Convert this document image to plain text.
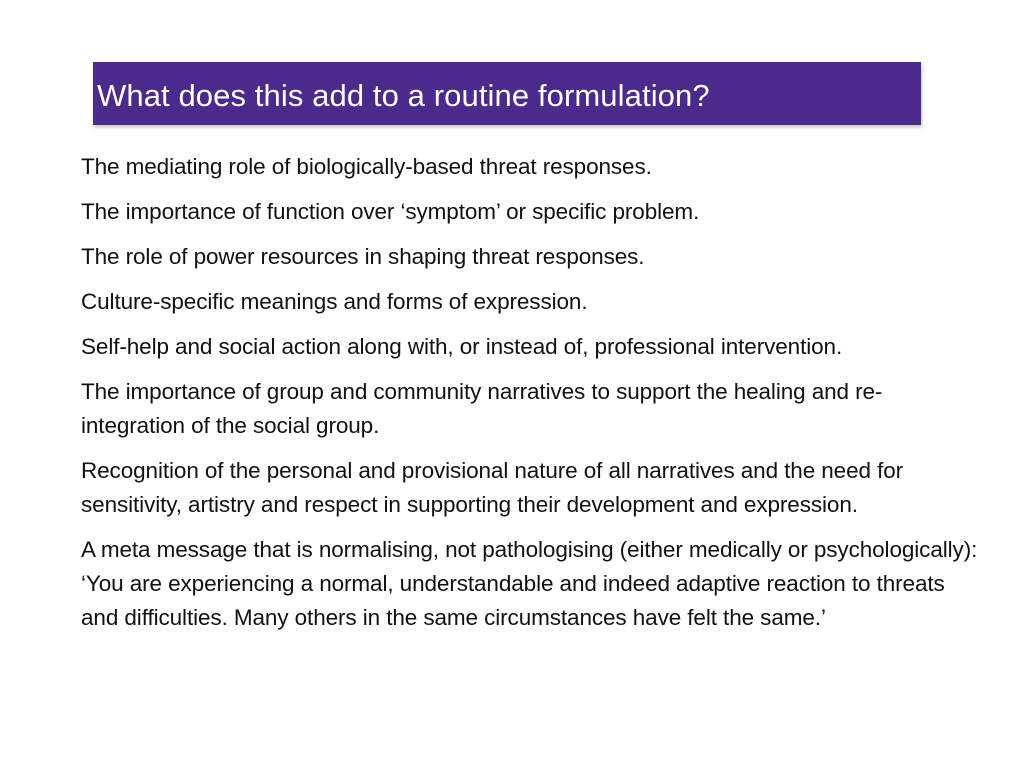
What does this add to a routine formulation?

The mediating role of biologically-based threat responses.

The importance of function over ‘symptom’ or specific problem.

The role of power resources in shaping threat responses.

Culture-specific meanings and forms of expression.

Self-help and social action along with, or instead of, professional intervention.

The importance of group and community narratives to support the healing and re-integration of the social group.

Recognition of the personal and provisional nature of all narratives and the need for sensitivity, artistry and respect in supporting their development and expression.

A meta message that is normalising, not pathologising (either medically or psychologically): ‘You are experiencing a normal, understandable and indeed adaptive reaction to threats and difficulties. Many others in the same circumstances have felt the same.’
